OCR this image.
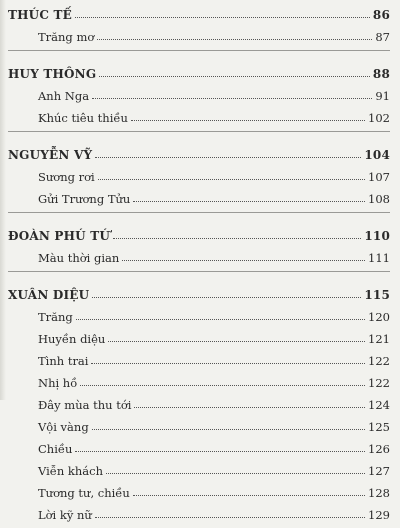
THÚC TẾ	86
Trăng mơ	87
HUY THÔNG	88
Anh Nga	91
Khúc tiêu thiều	102
NGUYỄN VỸ	104
Sương rơi	107
Gửi Trương Tửu	108
ĐOÀN PHÚ TỨ	110
Màu thời gian	111
XUÂN DIỆU	115
Trăng	120
Huyền diệu	121
Tình trai	122
Nhị hồ	122
Đây mùa thu tới	124
Vội vàng	125
Chiều	126
Viễn khách	127
Tương tư, chiều	128
Lời kỹ nữ	129
